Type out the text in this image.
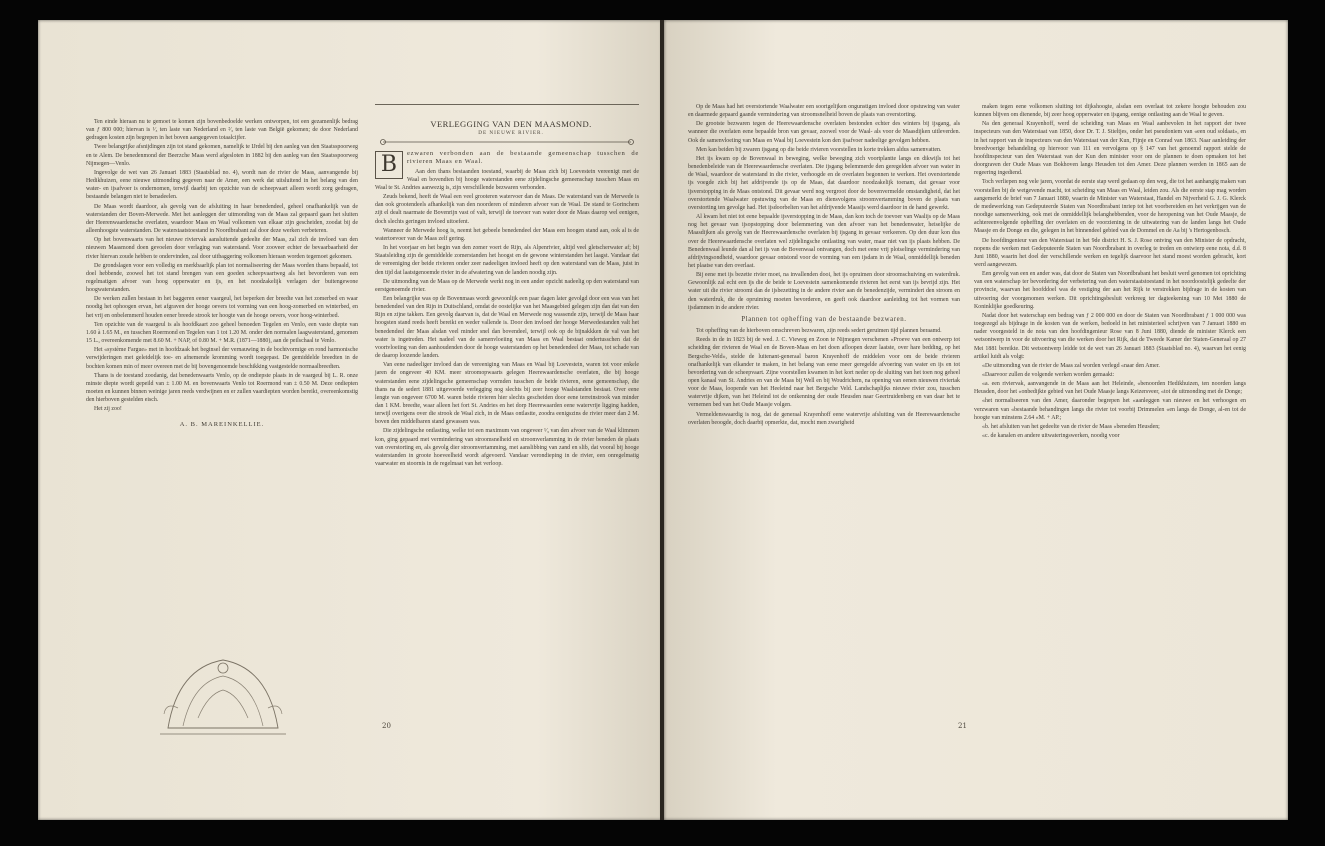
Ten einde hieraan nu te gemoet te komen zijn bovenbedoelde werken ontworpen, tot een gezamenlijk bedrag van ƒ 800 000; hiervan is ¹⁄₃ ten laste van Nederland en ²⁄₃ ten laste van België gekomen; de door Nederland gedragen kosten zijn begrepen in het boven aangegeven totaalcijfer.

Twee belangrijke afsnijdingen zijn tot stand gekomen, namelijk te IJrdel bij den aanleg van den Staatsspoorweg en te Alem. De benedenmond der Beerzche Maas werd afgesloten in 1882 bij den aanleg van den Staatsspoorweg Nijmegen—Venlo.

Ingevolge de wet van 26 Januari 1883 (Staatsblad no. 4), wordt nan de rivier de Maas, aanvangende bij Hedikhuizen, eene nieuwe uitmonding gegeven naar de Amer, een werk dat uitsluitend in het belang van den water- en ijsafvoer is ondernomen, terwijl daarbij ten opzichte van de scheepvaart alleen wordt zorg gedragen, bestaande belangen niet te benadeelen.

De Maas wordt daardoor, als gevolg van de afsluiting in haar benedendeel, geheel onafhankelijk van de waterstanden der Boven-Merwede. Met het aanleggen der uitmonding van de Maas zal gepaard gaan het sluiten der Heerenwaardensche overlaten, waardoor Maas en Waal volkomen van elkaar zijn gescheiden, zoodat bij de alleenhoogste waterstanden. De waterstaatstoestand in Noordbrabant zal door deze werken verbeteren.

Op het bovenwaarts van het nieuwe riviervak aansluitende gedeelte der Maas, zal zich de invloed van den nieuwen Maasmond doen gevoelen door verlaging van waterstand. Voor zooveer echter de bevaarbaarheid der rivier hiervan zoude hebben te ondervinden, zal door uitbaggering volkomen hieraan worden tegemoet gekomen.

De grondslagen voor een volledig en merkbaarlijk plan tot normaliseering der Maas worden thans bepaald, tot doel hebbende, zoowel het tot stand brengen van een goeden scheepvaartweg als het bevorderen van een regelmatigen afvoer van hoog opperwater en ijs, en het noodzakelijk verlagen der buitengewone hoogwaterstanden.

De werken zullen bestaan in het baggeren eener vaargeul, het beperken der breedte van het zomerbed en waar noodig het ophoogen ervan, het afgraven der hooge oevers tot vorming van een hoog-zomerbed en winterbed, en het vrij en onbelemmerd houden eener breede strook ter hoogte van de hooge oevers, voor hoog-winterbed.

Ten opzichte van de vaargeul is als hoofdkaart zoo geheel benoeden Tegelen en Venlo, een vaste diepte van 1.60 à 1.65 M., en tusschen Roermond en Tegelen van 1 tot 1.20 M. onder den normalen laagwaterstand, genomen 15 L., overeenkomende met 8.60 M. + NAP, of 0.80 M. + M.R. (1871—1880), aan de peilschaal te Venlo.

Het «système Fargue» met in hoofdzaak het beginsel der vernauwing in de bochtvormige en rond harmonische verwijderingen met geleidelijk toe- en afnemende kromming wordt toegepast. De gemiddelde breedten in de bochten komen min of meer overeen met de bij bovengenoemde beschikking vastgestelde normaalbreedten.

Thans is de toestand zoodanig, dat benedenwaarts Venlo, op de ondiepste plaats in de vaargeul bij L. R. onze minste diepte wordt gepeild van ± 1.00 M. en bovenwaarts Venlo tot Roermond van ± 0.50 M. Deze ondiepten moeten en kunnen binnen weinige jaren reeds verdwijnen en er zullen vaardiepten worden bereikt, overeenkomstig den hierboven gestelden eisch.

Het zij zoo!

A. B. MAREINKELLIE.

VERLEGGING VAN DEN MAASMOND.

DE NIEUWE RIVIER.

B	ezwaren verbonden aan de bestaande gemeenschap tusschen de rivieren Maas en Waal.

Aan den thans bestaanden toestand, waarbij de Maas zich bij Loevestein vereenigt met de Waal en bovendien bij hooge waterstanden eene zijdelingsche gemeenschap tusschen Maas en Waal te St. Andries aanwezig is, zijn verschillende bezwaren verbonden.

Zeuds bekend, heeft de Waal een veel grooteren watervoer dan de Maas. De waterstand van de Merwede is dan ook grootendeels afhankelijk van den noorderen of minderen afvoer van de Waal. De stand te Gorinchem zijt el dealt naarmate de Bovenrijn vast of valt, terwijl de toevoer van water door de Maas daarop wel eenigen, doch slechts geringen invloed uitoefent.

Wanneer de Merwede hoog is, neemt het gebeele benedendeel der Maas een hoogen stand aan, ook al is de watertoevoer van de Maas zelf gering.

In het voorjaar en het begin van den zomer voert de Rijn, als Alpenrivier, altijd veel gletscherwater af; bij Staatsleiding zijn de gemiddelde zomerstanden het hoogst en de gewone winterstanden het laagst. Vandaar dat de vereeniging der beide rivieren onder zeer nadeeligen invloed heeft op den waterstand van de Maas, juist in den tijd dat laatstgenoemde rivier in de afwatering van de landen noodig zijn.

De uitmonding van de Maas op de Merwede werkt nog in een ander opzicht nadeelig op den waterstand van eerstgenoemde rivier.

Een belangrijke was op de Bovenmaas wordt gewoonlijk een paar dagen later gevolgd door een was van het benedendeel van den Rijn in Duitschland, omdat de oostelijke van het Maasgebied gelegen zijn dan dat van den Rijn en zijne takken. Een gevolg daarvan is, dat de Waal en Merwede nog wassende zijn, terwijl de Maas haar hoogsten stand reeds heeft bereikt en weder vallende is. Door den invloed der hooge Merwedestanden valt het benedendeel der Maas alsdan veel minder snel dan bovendeel, terwijl ook op de bijnakkken de val van het water is ingetreden. Het nadeel van de samenvloeiing van Maas en Waal bestaat ondertusschen dat de voortvloeiing van den aanhoudenden door de hooge waterstanden op het benedendeel der Maas, tot schade van de daarop loozende landen.

Van eene nadeeliger invloed dan de vereeniging van Maas en Waal bij Loevestein, waren tot voor enkele jaren de ongeveer 40 KM. meer stroomopwaarts gelegen Heerewaardensche overlaten, die bij hooge waterstanden eene zijdelingsche gemeenschap vormden tusschen de beide rivieren, eene gemeenschap, die thans na de sedert 1881 uitgevoerde verlegging nog slechts bij zeer hooge Waalstanden bestaat. Over eene lengte van ongeveer 6700 M. waren beide rivieren hier slechts gescheiden door eene terreinstrook van minder dan 1 KM. breedte, waar alleen het fort St. Andries en het dorp Heerewaarden eene watervrije ligging hadden, terwijl overigens over die strook de Waal zich, in de Maas ontlastte, zoodra eenigszins de rivier meer dan 2 M. boven den middelbaren stand gewassen was.

Die zijdelingsche ontlasting, welke tot een maximum van ongeveer ¹⁄₃ van den afvoer van de Waal klimmen kon, ging gepaard met vermindering van stroomsnelheid en stroomverlamming in de rivier beneden de plaats van overstorting en, als gevolg dier stroomvertamming, met aanslibbing van zand en slib, dat vooral bij hooge waterstanden in groote hoeveelheid wordt afgevoerd. Vandaar verondieping in de rivier, een onregelmatig vaarwater en stoornis in de regelmaat van het verloop.

20

Op de Maas had het overstortende Waalwater een soortgelijken ongunstigen invloed door opstuwing van water en daarmede gepaard gaande vermindering van stroomsnelheid boven de plaats van overstorting.

De grootste bezwaren tegen de Heerewaardensche overlaten bestonden echter des winters bij ijsgang, als wanneer die overlaten eene bepaalde bron van gevaar, zoowel voor de Waal- als voor de Maasdijken uitleverden. Ook de samenvloeiing van Maas en Waal bij Loevestein kon den ijsafvoer nadeelige gevolgen hebben.

Men kan beiden bij zwaren ijsgang op die beide rivieren voorstellen in korte trekken aldus samenvatten.

Het ijs kwam op de Bovenwaal in beweging, welke beweging zich voortplantte langs en dikwijls tot het benedenbeleide van de Heerewaardensche overlaten. Die ijsgang belemmerde den geregelden afvoer van water in de Waal, waardoor de waterstand in die rivier, verhoogde en de overlaten begonnen te werken. Het overstortende ijs voegde zich bij het afdrijvende ijs op de Maas, dat daardoor noodzakelijk toenam, dat gevaar voor ijsverstopping in de Maas ontstond. Dit gevaar werd nog vergroot door de bovenvermelde omstandigheid, dat het overstortende Waalwater opstuwing van de Maas en diensvolgens stroomvertamming boven de plaats van overstorting ten gevolge had. Het ijsdoorbelten van het afdrijvende Maasijs werd daardoor in de hand gewerkt.

Al kwam het niet tot eene bepaalde ijsverstopping in de Maas, dan kon toch de toevoer van Waalijs op de Maas nog het gevaar van ijsopstopping door belemmering van den afvoer van het benedenwater, heiselijke de Maasdijken als gevolg van de Heerewaardensche overlaten bij ijsgang in gevaar verkeeren. Op den duur kon dus over de Heerewaardensche overlaten wel zijdelingsche ontlasting van water, maar niet van ijs plaats hebben. De Benedenwaal leunde dan al het ijs van de Bovenwaal ontvangen, doch met eene vrij plotselinge vermindering van afdrijvingsondheid, waardoor gevaar ontstond voor de vorming van een ijsdam in de Waal, onmiddellijk beneden het plaatse van den overlaat.

Bij eene met ijs bezette rivier moet, na invallenden dooi, het ijs opruimen door stroomschuiving en waterdruk. Gewoonlijk zal echt een ijs die de beide te Loevestein samenkomende rivieren het eerst van ijs bevrijd zijn. Het water uit die rivier stroomt dan de ijsbezetting in de andere rivier aan de benedenzijde, vermindert den stroom en den waterdruk, die de opruiming moeten bevorderen, en geeft ook daardoor aanleiding tot het vormen van ijsdammen in de andere rivier.

Plannen tot opheffing van de bestaande bezwaren.

Tot opheffing van de hierboven omschreven bezwaren, zijn reeds sedert geruimen tijd plannen beraamd.

Reeds in de in 1823 bij de wed. J. C. Vieweg en Zoon te Nijmegen verschenen «Proeve van een ontwerp tot scheiding der rivieren de Waal en de Boven-Maas en het doen afloopen dezer laatste, over hare bedding, op het Bergsche-Veld», stelde de luitenant-generaal baron Krayenhoff de middelen voor om de beide rivieren onafhankelijk van elkander te maken, in het belang van eene meer geregelde afvoering van water en ijs en tot bevordering van de scheepvaart. Zijne voorstellen kwamen in het kort neder op de sluiting van het toen nog geheel open kanaal van St. Andries en van de Maas bij Well en bij Woudrichem, na opening van eenen nieuwen riviertak voor de Maas, loopende van het Heeleind naar het Bergsche Veld. Landschaplijks nieuwe rivier zou, tusschen watervrije dijken, van het Heleind tot de ontkenning der oude Heusden naar Geertruidenberg en van daar het te vernemen bed van het Oude Maasje volgen.

Vermeldenswaardig is nog, dat de generaal Krayenhoff eene watervrije afsluiting van de Heerewaardensche overlaten beoogde, doch daarbij opmerkte, dat, mocht men zwarigheid

maken tegen eene volkomen sluiting tot dijkshoogte, alsdan een overlaat tot zekere hoogte behouden zou kunnen blijven om dienende, bij zeer hoog opperwater en ijsgang, eenige ontlasting aan de Waal te geven.

Na den generaal Krayenhoff, werd de scheiding van Maas en Waal aanbevolen in het rapport der twee inspecteurs van den Waterstaat van 1850, door Dr. T. J. Stieltjes, onder het pseudoniem van «een oud soldaat», en in het rapport van de inspecteurs van den Waterstaat van der Kun, Fijnje en Conrad van 1863. Naar aanleiding der breedvoerige behandeling op hiervoor van 111 en vervolgens op § 147 van het genoemd rapport stelde de hoofdinspecteur van den Waterstaat van der Kun den minister voor om de plannen te doen opmaken tot het doorgraven der Oude Maas van Bokhoven langs Heusden tot den Amer. Deze plannen werden in 1865 aan de regeering ingediend.

Toch verliepen nog vele jaren, voordat de eerste stap werd gedaan op den weg, die tot het aanhangig maken van voorstellen bij de wetgevende macht, tot scheiding van Maas en Waal, leiden zou. Als die eerste stap mag worden aangemerkt de brief van 7 Januari 1880, waarin de Minister van Waterstaat, Handel en Nijverheid G. J. G. Klerck de medewerking van Gedeputeerde Staten van Noordbrabant inriep tot het voorbereiden en het verkrijgen van de noodige samenwerking, ook met de onmiddellijk belanghebbenden, voor de heropening van het Oude Maasje, de achtereenvolgende opheffing der overlaten en de voorziening in de uitwatering van de landen langs het Oude Maasje en de Donge en die, gelegen in het binnendeel gebied van de Dommel en de Aa bij 's Hertogenbosch.

De hoofdingenieur van den Waterstaat in het 9de district H. S. J. Rose ontving van den Minister de opdracht, nopens die werken met Gedeputeerde Staten van Noordbrabant in overleg te treden en ontwierp eene nota, d.d. 8 Juni 1880, waarin het doel der verschillende werken en tegelijk daarvoor het stand moest worden gebracht, kort werd aangewezen.

Een gevolg van een en ander was, dat door de Staten van Noordbrabant het besluit werd genomen tot oprichting van een waterschap ter bevordering der verbetering van den waterstaatstoestand in het noordoostelijk gedeelte der provincie, waarvan het hoofddoel was de vestiging der aan het Rijk te verstrekken bijdrage in de kosten van uitvoering der voorgenomen werken. Dit oprichtingsbesluit verkreeg ter dagteekening van 10 Mei 1880 de Koninklijke goedkeuring.

Nadat door het waterschap een bedrag van ƒ 2 000 000 en door de Staten van Noordbrabant ƒ 1 000 000 was toegezegd als bijdrage in de kosten van de werken, bedoeld in het ministerieel schrijven van 7 Januari 1880 en nader voorgesteld in de nota van den hoofdingenieur Rose van 8 Juni 1880, diende de minister Klerck een wetsontwerp in voor de uitvoering van die werken door het Rijk, dat de Tweede Kamer der Staten-Generaal op 27 Mei 1881 bereikte. Dit wetsontwerp leidde tot de wet van 26 Januari 1883 (Staatsblad no. 4), waarvan het eenig artikel luidt als volgt:

«De uitmonding van de rivier de Maas zal worden verlegd «naar den Amer.

«Daarvoor zullen de volgende werken worden gemaakt:

«a. een riviervak, aanvangende in de Maas aan het Heleinde, «benoorden Hedikhuizen, ten noorden langs Heusden, door het «onbedijkte gebied van het Oude Maasje langs Keizersveer, «tot de uitmonding met de Donge;

«het normaliseeren van den Amer, daaronder begrepen het «aanleggen van nieuwe en het verhoogen en verzwaren van «bestaande behandingen langs die rivier tot voorbij Drimmelen «en langs de Donge, al-en tot de hoogte van minstens 2.64 «M. + AP.;

«b. het afsluiten van het gedeelte van de rivier de Maas «beneden Heusden;

«c. de kanalen en andere uitwateringswerken, noodig voor

21
